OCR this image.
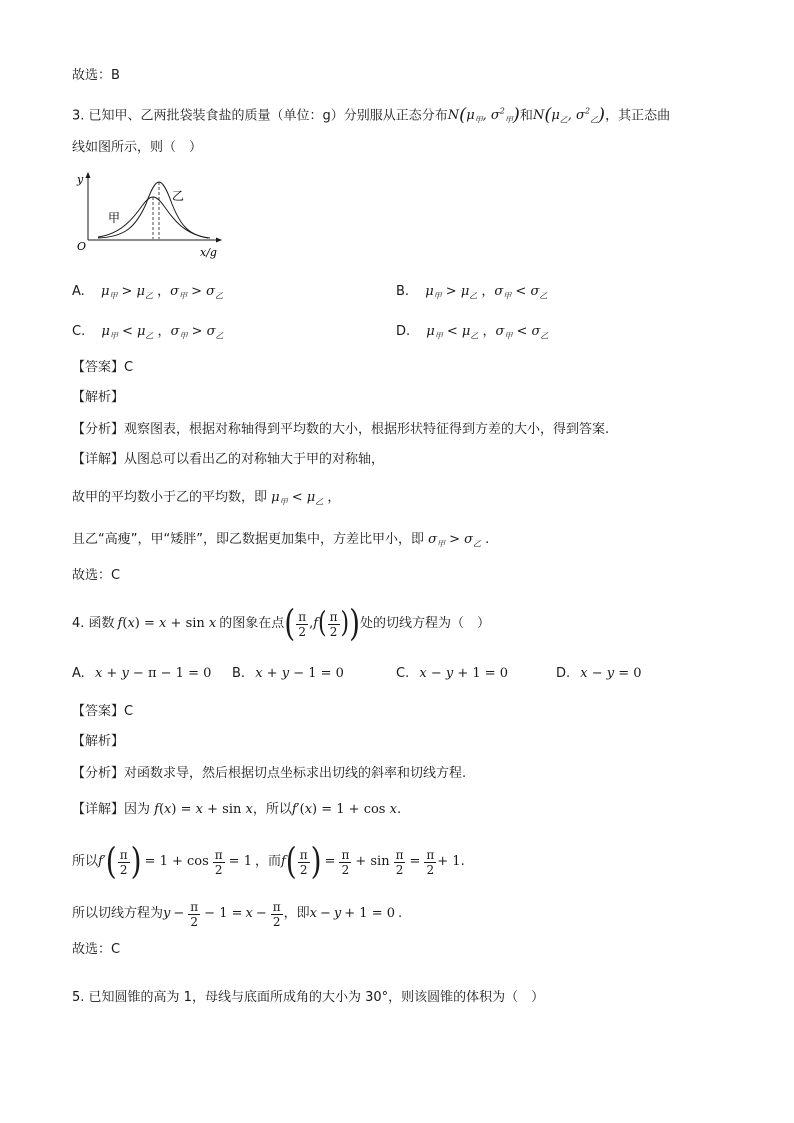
故选：B
3. 已知甲、乙两批袋装食盐的质量（单位：g）分别服从正态分布$N(\mu_甲$, $\sigma^2_甲$)和$N(\mu_乙$, $\sigma^2_乙$)，其正态曲
线如图所示，则（　）
y
O	x/g
甲
乙
A. $\mu_甲 > \mu_乙$ ，$\sigma_甲 > \sigma_乙$	B. $\mu_甲 > \mu_乙$ ，$\sigma_甲 < \sigma_乙$
C. $\mu_甲 < \mu_乙$ ，$\sigma_甲 > \sigma_乙$	D. $\mu_甲 < \mu_乙$ ，$\sigma_甲 < \sigma_乙$
【答案】C
【解析】
【分析】观察图表，根据对称轴得到平均数的大小，根据形状特征得到方差的大小，得到答案.
【详解】从图总可以看出乙的对称轴大于甲的对称轴，
故甲的平均数小于乙的平均数，即 $\mu_甲 < \mu_乙$ ，
且乙“高瘦”，甲“矮胖”，即乙数据更加集中，方差比甲小，即 $\sigma_甲 > \sigma_乙$ .
故选：C
4. 函数 f(x) = x + sin x 的图象在点 ( $\frac{\pi}{2}$ , f ( $\frac{\pi}{2}$ ) ) 处的切线方程为（　）
A. x + y − π − 1 = 0 B. x + y − 1 = 0	C. x − y + 1 = 0	D. x − y = 0
【答案】C
【解析】
【分析】对函数求导，然后根据切点坐标求出切线的斜率和切线方程.
【详解】因为 f(x) = x + sin x，所以f′(x) = 1 + cos x.
所以 f ′ ( $\frac{\pi}{2}$ ) = $1 + \cos \frac{\pi}{2} = 1$ ，而 f ( $\frac{\pi}{2}$ ) = $\frac{\pi}{2} + \sin \frac{\pi}{2} = \frac{\pi}{2} + 1$.
所以切线方程为 $y - \frac{\pi}{2} - 1 = x - \frac{\pi}{2}$ ，即 x − y + 1 = 0 .
故选：C
5. 已知圆锥的高为 1，母线与底面所成角的大小为 30°，则该圆锥的体积为（　）
